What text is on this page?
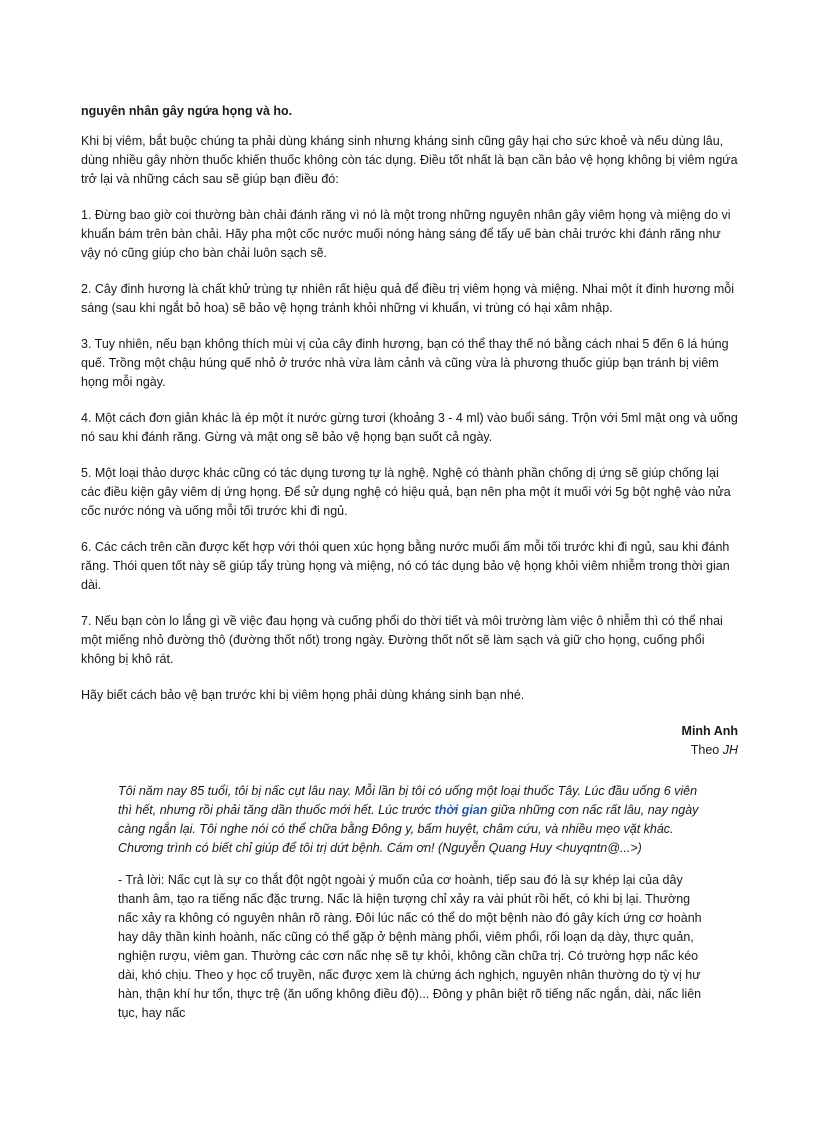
nguyên nhân gây ngứa họng và ho.

Khi bị viêm, bắt buộc chúng ta phải dùng kháng sinh nhưng kháng sinh cũng gây hại cho sức khoẻ và nếu dùng lâu, dùng nhiều gây nhờn thuốc khiến thuốc không còn tác dụng. Điều tốt nhất là bạn cần bảo vệ họng không bị viêm ngứa trở lại và những cách sau sẽ giúp bạn điều đó:

1. Đừng bao giờ coi thường bàn chải đánh răng vì nó là một trong những nguyên nhân gây viêm họng và miệng do vi khuẩn bám trên bàn chải. Hãy pha một cốc nước muối nóng hàng sáng để tẩy uế bàn chải trước khi đánh răng như vậy nó cũng giúp cho bàn chải luôn sạch sẽ.

2. Cây đinh hương là chất khử trùng tự nhiên rất hiệu quả để điều trị viêm họng và miệng. Nhai một ít đinh hương mỗi sáng (sau khi ngắt bỏ hoa) sẽ bảo vệ họng tránh khỏi những vi khuẩn, vi trùng có hại xâm nhập.

3. Tuy nhiên, nếu bạn không thích mùi vị của cây đinh hương, bạn có thể thay thế nó bằng cách nhai 5 đến 6 lá húng quế. Trồng một chậu húng quế nhỏ ở trước nhà vừa làm cảnh và cũng vừa là phương thuốc giúp bạn tránh bị viêm họng mỗi ngày.

4. Một cách đơn giản khác là ép một ít nước gừng tươi (khoảng 3 - 4 ml) vào buổi sáng. Trộn với 5ml mật ong và uống nó sau khi đánh răng. Gừng và mật ong sẽ bảo vệ họng bạn suốt cả ngày.

5. Một loại thảo dược khác cũng có tác dụng tương tự là nghệ. Nghệ có thành phần chống dị ứng sẽ giúp chống lại các điều kiện gây viêm dị ứng họng. Để sử dụng nghệ có hiệu quả, bạn nên pha một ít muối với 5g bột nghệ vào nửa cốc nước nóng và uống mỗi tối trước khi đi ngủ.

6. Các cách trên cần được kết hợp với thói quen xúc họng bằng nước muối ấm mỗi tối trước khi đi ngủ, sau khi đánh răng. Thói quen tốt này sẽ giúp tẩy trùng họng và miệng, nó có tác dụng bảo vệ họng khỏi viêm nhiễm trong thời gian dài.

7. Nếu bạn còn lo lắng gì về việc đau họng và cuống phổi do thời tiết và môi trường làm việc ô nhiễm thì có thể nhai một miếng nhỏ đường thô (đường thốt nốt) trong ngày. Đường thốt nốt sẽ làm sạch và giữ cho họng, cuống phổi không bị khô rát.

Hãy biết cách bảo vệ bạn trước khi bị viêm họng phải dùng kháng sinh bạn nhé.

Minh Anh

Theo JH

Tôi năm nay 85 tuổi, tôi bị nấc cụt lâu nay. Mỗi lần bị tôi có uống một loại thuốc Tây. Lúc đầu uống 6 viên thì hết, nhưng rồi phải tăng dần thuốc mới hết. Lúc trước thời gian giữa những cơn nấc rất lâu, nay ngày càng ngắn lại. Tôi nghe nói có thể chữa bằng Đông y, bấm huyệt, châm cứu, và nhiều mẹo vặt khác. Chương trình có biết chỉ giúp để tôi trị dứt bệnh. Cám ơn! (Nguyễn Quang Huy <huyqntn@...>)

- Trả lời: Nấc cụt là sự co thắt đột ngột ngoài ý muốn của cơ hoành, tiếp sau đó là sự khép lại của dây thanh âm, tạo ra tiếng nấc đặc trưng. Nấc là hiện tượng chỉ xảy ra vài phút rồi hết, có khi bị lại. Thường nấc xảy ra không có nguyên nhân rõ ràng. Đôi lúc nấc có thể do một bệnh nào đó gây kích ứng cơ hoành hay dây thần kinh hoành, nấc cũng có thể gặp ở bệnh màng phổi, viêm phổi, rối loạn dạ dày, thực quản, nghiện rượu, viêm gan. Thường các cơn nấc nhẹ sẽ tự khỏi, không cần chữa trị. Có trường hợp nấc kéo dài, khó chịu. Theo y học cổ truyền, nấc được xem là chứng ách nghịch, nguyên nhân thường do tỳ vị hư hàn, thận khí hư tổn, thực trệ (ăn uống không điều độ)... Đông y phân biệt rõ tiếng nấc ngắn, dài, nấc liên tục, hay nấc
